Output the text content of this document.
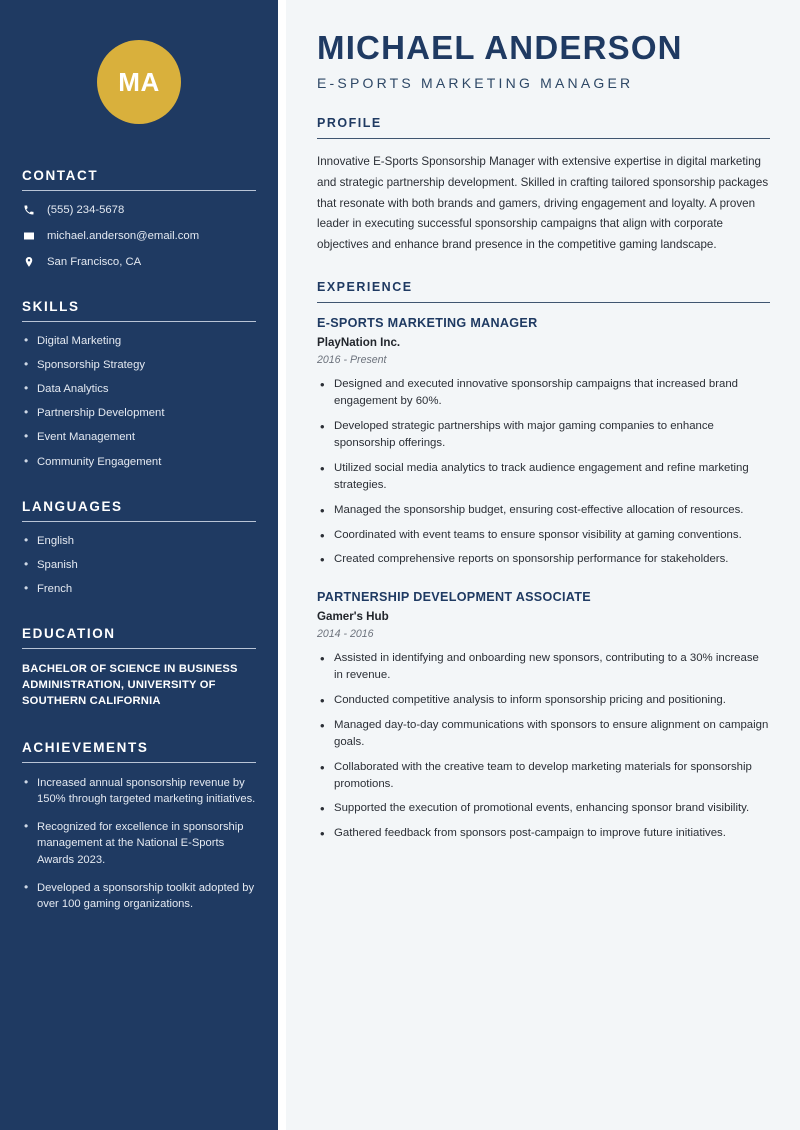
MA
CONTACT
(555) 234-5678
michael.anderson@email.com
San Francisco, CA
SKILLS
• Digital Marketing
• Sponsorship Strategy
• Data Analytics
• Partnership Development
• Event Management
• Community Engagement
LANGUAGES
• English
• Spanish
• French
EDUCATION
BACHELOR OF SCIENCE IN BUSINESS ADMINISTRATION, UNIVERSITY OF SOUTHERN CALIFORNIA
ACHIEVEMENTS
• Increased annual sponsorship revenue by 150% through targeted marketing initiatives.
• Recognized for excellence in sponsorship management at the National E-Sports Awards 2023.
• Developed a sponsorship toolkit adopted by over 100 gaming organizations.
MICHAEL ANDERSON
E-SPORTS MARKETING MANAGER
PROFILE

Innovative E-Sports Sponsorship Manager with extensive expertise in digital marketing and strategic partnership development. Skilled in crafting tailored sponsorship packages that resonate with both brands and gamers, driving engagement and loyalty. A proven leader in executing successful sponsorship campaigns that align with corporate objectives and enhance brand presence in the competitive gaming landscape.

EXPERIENCE
E-SPORTS MARKETING MANAGER
PlayNation Inc.
2016 - Present
• Designed and executed innovative sponsorship campaigns that increased brand engagement by 60%.
• Developed strategic partnerships with major gaming companies to enhance sponsorship offerings.
• Utilized social media analytics to track audience engagement and refine marketing strategies.
• Managed the sponsorship budget, ensuring cost-effective allocation of resources.
• Coordinated with event teams to ensure sponsor visibility at gaming conventions.
• Created comprehensive reports on sponsorship performance for stakeholders.
PARTNERSHIP DEVELOPMENT ASSOCIATE
Gamer's Hub
2014 - 2016
• Assisted in identifying and onboarding new sponsors, contributing to a 30% increase in revenue.
• Conducted competitive analysis to inform sponsorship pricing and positioning.
• Managed day-to-day communications with sponsors to ensure alignment on campaign goals.
• Collaborated with the creative team to develop marketing materials for sponsorship promotions.
• Supported the execution of promotional events, enhancing sponsor brand visibility.
• Gathered feedback from sponsors post-campaign to improve future initiatives.
